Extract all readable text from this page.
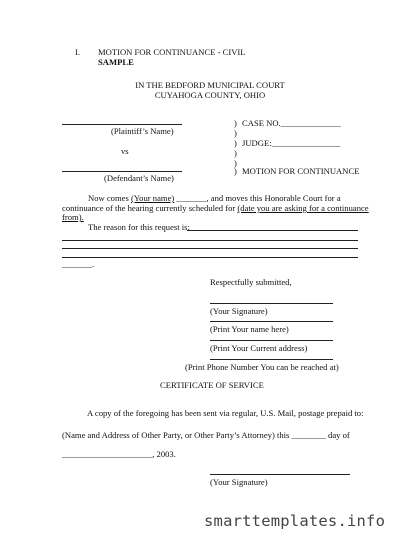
I. MOTION FOR CONTINUANCE - CIVIL
SAMPLE
IN THE BEDFORD MUNICIPAL COURT
CUYAHOGA COUNTY, OHIO
(Plaintiff’s Name)
vs
(Defendant’s Name)
)
)
)
)
)
)
CASE NO.______________
JUDGE:________________
MOTION FOR CONTINUANCE
Now comes (Your name) _______, and moves this Honorable Court for a
continuance of the hearing currently scheduled for (date you are asking for a continuance
from).
The reason for this request is:
_______.
Respectfully submitted,
(Your Signature)
(Print Your name here)
(Print Your Current address)
(Print Phone Number You can be reached at)
CERTIFICATE OF SERVICE
A copy of the foregoing has been sent via regular, U.S. Mail, postage prepaid to:
(Name and Address of Other Party, or Other Party’s Attorney) this ________ day of
_____________________, 2003.
(Your Signature)
smarttemplates.info
